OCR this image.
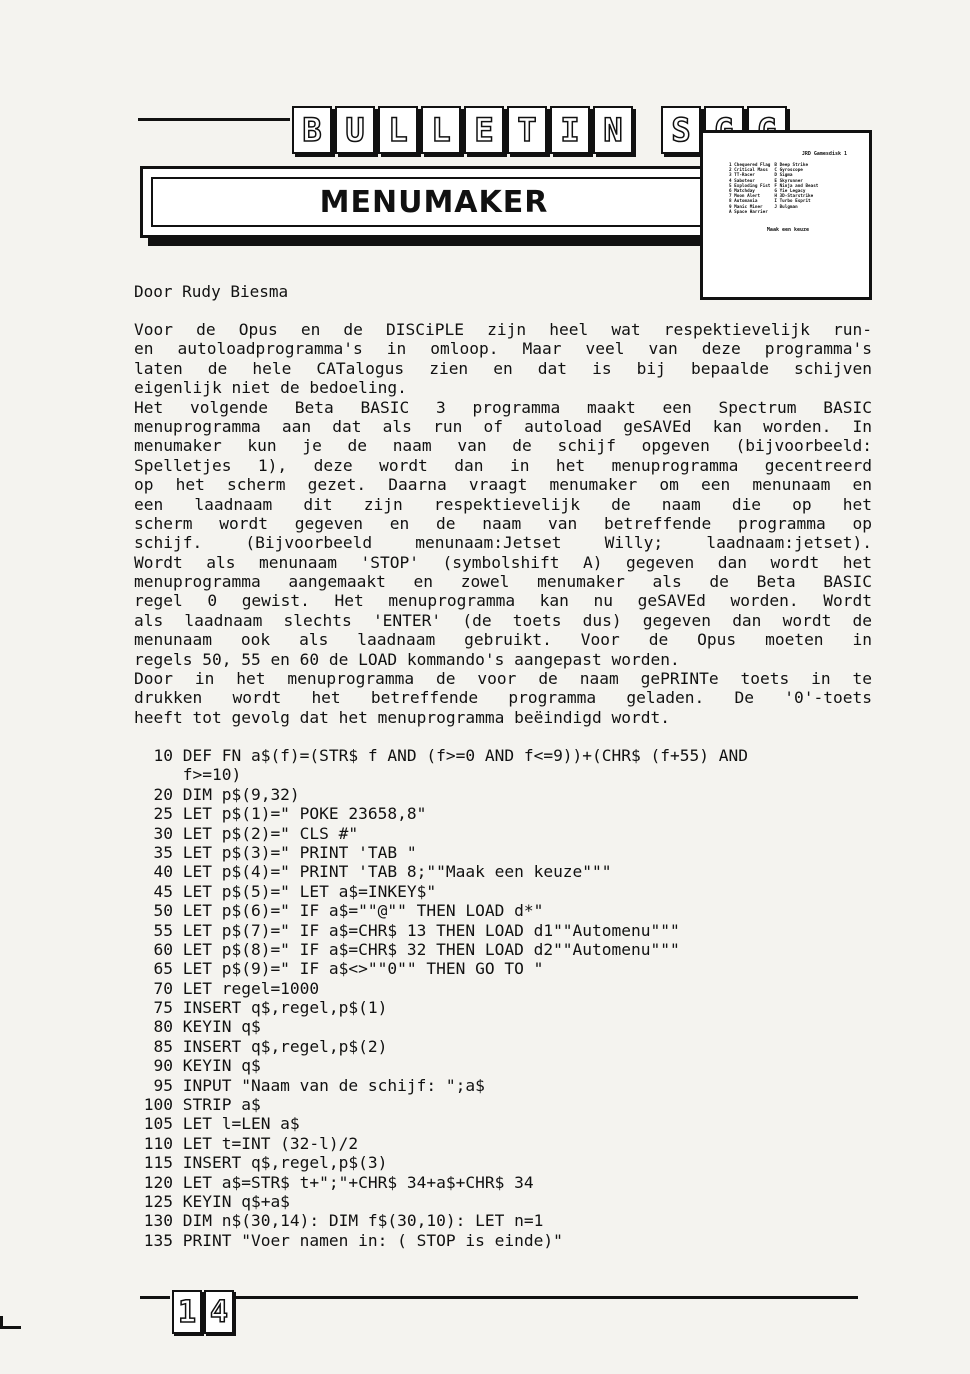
B U L L E T I N	S
MENUMAKER
JRD Gamesdisk 1
1 Chequered Flag
2 Critical Mass
3 TT-Racer
4 Saboteur
5 Exploding Fist
6 Matchday
7 Moon Alert
8 Automania
9 Manic Miner
A Space Harrier
B Deep Strike
C Gyroscope
D Sigma
E Skyrunner
F Ninja and Beast
G Yie Legacy
H 3D-Starstrike
I Turbo Esprit
J Bulgman
Maak een keuze
Door Rudy Biesma
Voor de Opus en de DISCiPLE zijn heel wat respektievelijk run-
en autoloadprogramma's in omloop. Maar veel van deze programma's
laten de hele CATalogus zien en dat is bij bepaalde schijven
eigenlijk niet de bedoeling.
Het volgende Beta BASIC 3 programma maakt een Spectrum BASIC
menuprogramma aan dat als run of autoload geSAVEd kan worden. In
menumaker kun je de naam van de schijf opgeven (bijvoorbeeld:
Spelletjes 1), deze wordt dan in het menuprogramma gecentreerd
op het scherm gezet. Daarna vraagt menumaker om een menunaam en
een laadnaam dit zijn respektievelijk de naam die op het
scherm wordt gegeven en de naam van betreffende programma op
schijf. (Bijvoorbeeld menunaam:Jetset Willy; laadnaam:jetset).
Wordt als menunaam 'STOP' (symbolshift A) gegeven dan wordt het
menuprogramma aangemaakt en zowel menumaker als de Beta BASIC
regel 0 gewist. Het menuprogramma kan nu geSAVEd worden. Wordt
als laadnaam slechts 'ENTER' (de toets dus) gegeven dan wordt de
menunaam ook als laadnaam gebruikt. Voor de Opus moeten in
regels 50, 55 en 60 de LOAD kommando's aangepast worden.
Door in het menuprogramma de voor de naam gePRINTe toets in te
drukken wordt het betreffende programma geladen. De '0'-toets
heeft tot gevolg dat het menuprogramma beëindigd wordt.
10 DEF FN a$(f)=(STR$ f AND (f>=0 AND f<=9))+(CHR$ (f+55) AND
f>=10)
20 DIM p$(9,32)
25 LET p$(1)=" POKE 23658,8"
30 LET p$(2)=" CLS #"
35 LET p$(3)=" PRINT 'TAB "
40 LET p$(4)=" PRINT 'TAB 8;""Maak een keuze"""
45 LET p$(5)=" LET a$=INKEY$"
50 LET p$(6)=" IF a$=""@"" THEN LOAD d*"
55 LET p$(7)=" IF a$=CHR$ 13 THEN LOAD d1""Automenu"""
60 LET p$(8)=" IF a$=CHR$ 32 THEN LOAD d2""Automenu"""
65 LET p$(9)=" IF a$<>""0"" THEN GO TO "
70 LET regel=1000
75 INSERT q$,regel,p$(1)
80 KEYIN q$
85 INSERT q$,regel,p$(2)
90 KEYIN q$
95 INPUT "Naam van de schijf: ";a$
100 STRIP a$
105 LET l=LEN a$
110 LET t=INT (32-l)/2
115 INSERT q$,regel,p$(3)
120 LET a$=STR$ t+";"+CHR$ 34+a$+CHR$ 34
125 KEYIN q$+a$
130 DIM n$(30,14): DIM f$(30,10): LET n=1
135 PRINT "Voer namen in: ( STOP is einde)"
1 4
